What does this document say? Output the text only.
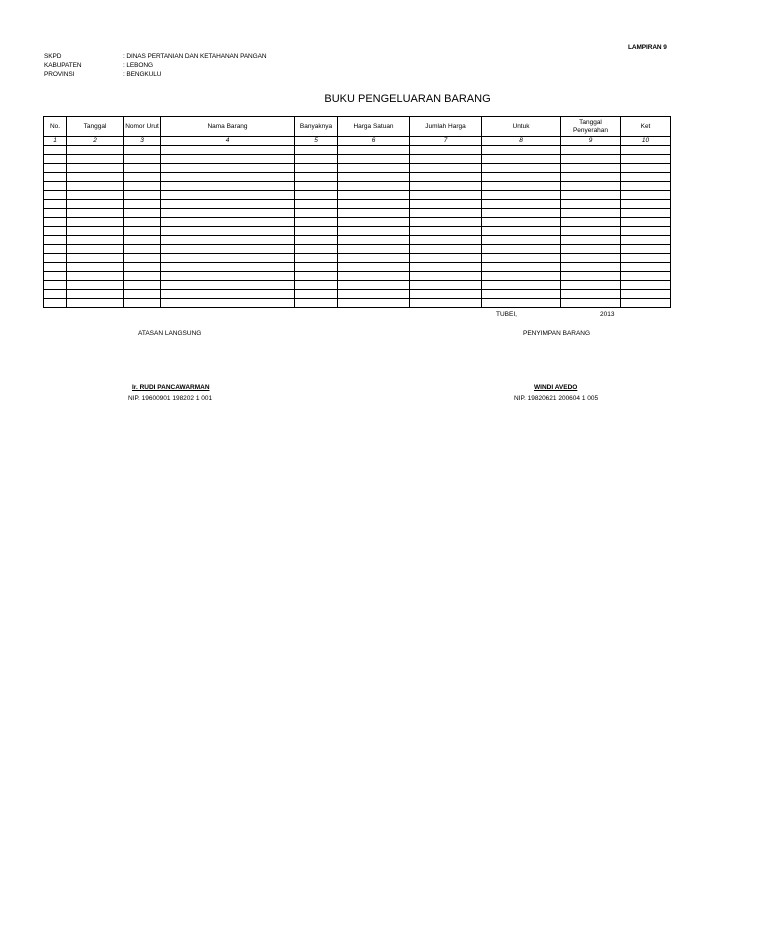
LAMPIRAN 9
SKPD	: DINAS PERTANIAN DAN KETAHANAN PANGAN
KABUPATEN	: LEBONG
PROVINSI	: BENGKULU
BUKU PENGELUARAN BARANG
No.	Tanggal	Nomor Urut	Nama Barang	Banyaknya	Harga Satuan	Jumlah Harga	Untuk	Tanggal Penyerahan	Ket
1	2	3	4	5	6	7	8	9	10

TUBEI,	2013
ATASAN LANGSUNG	PENYIMPAN BARANG
Ir. RUDI PANCAWARMAN
NIP. 19600901 198202 1 001
WINDI AVEDO
NIP. 19820621 200604 1 005
